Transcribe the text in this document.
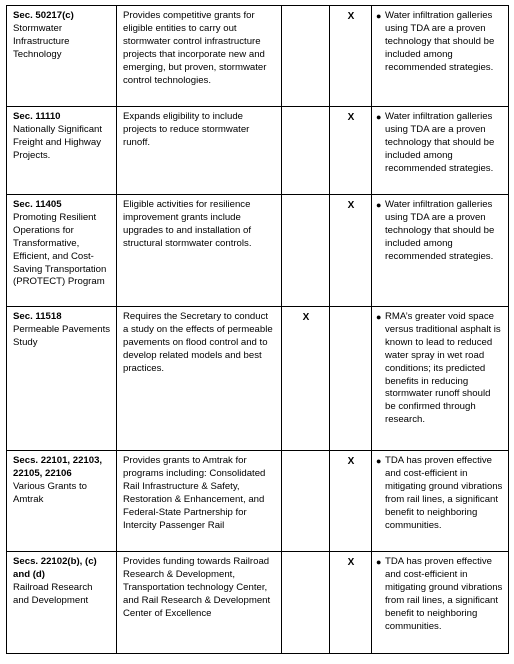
Sec. 50217(c)
Stormwater Infrastructure Technology	Provides competitive grants for eligible entities to carry out stormwater control infrastructure projects that incorporate new and emerging, but proven, stormwater control technologies.		X	● Water infiltration galleries using TDA are a proven technology that should be included among recommended strategies.

Sec. 11110
Nationally Significant Freight and Highway Projects.	Expands eligibility to include projects to reduce stormwater runoff.		X	● Water infiltration galleries using TDA are a proven technology that should be included among recommended strategies.

Sec. 11405
Promoting Resilient Operations for Transformative, Efficient, and Cost-Saving Transportation (PROTECT) Program	Eligible activities for resilience improvement grants include upgrades to and installation of structural stormwater controls.		X	● Water infiltration galleries using TDA are a proven technology that should be included among recommended strategies.

Sec. 11518
Permeable Pavements Study	Requires the Secretary to conduct a study on the effects of permeable pavements on flood control and to develop related models and best practices.	X		● RMA’s greater void space versus traditional asphalt is known to lead to reduced water spray in wet road conditions; its predicted benefits in reducing stormwater runoff should be confirmed through research.

Secs. 22101, 22103, 22105, 22106
Various Grants to Amtrak	Provides grants to Amtrak for programs including: Consolidated Rail Infrastructure & Safety, Restoration & Enhancement, and Federal-State Partnership for Intercity Passenger Rail		X	● TDA has proven effective and cost-efficient in mitigating ground vibrations from rail lines, a significant benefit to neighboring communities.

Secs. 22102(b), (c) and (d)
Railroad Research and Development	Provides funding towards Railroad Research & Development, Transportation technology Center, and Rail Research & Development Center of Excellence		X	● TDA has proven effective and cost-efficient in mitigating ground vibrations from rail lines, a significant benefit to neighboring communities.
